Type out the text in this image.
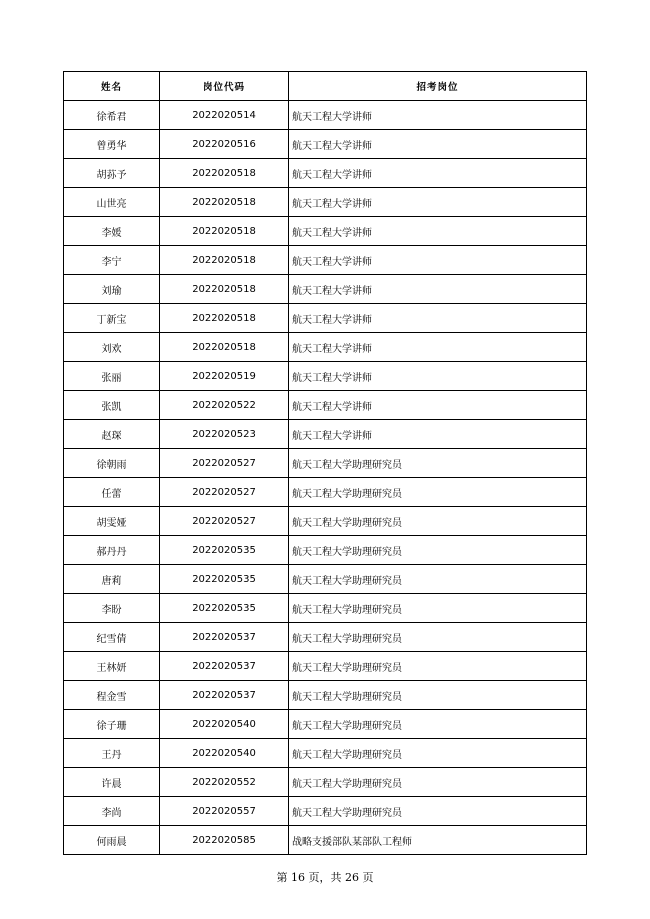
姓名	岗位代码	招考岗位
徐希君	2022020514	航天工程大学讲师
曾勇华	2022020516	航天工程大学讲师
胡荪予	2022020518	航天工程大学讲师
山世亮	2022020518	航天工程大学讲师
李媛	2022020518	航天工程大学讲师
李宁	2022020518	航天工程大学讲师
刘瑜	2022020518	航天工程大学讲师
丁新宝	2022020518	航天工程大学讲师
刘欢	2022020518	航天工程大学讲师
张丽	2022020519	航天工程大学讲师
张凯	2022020522	航天工程大学讲师
赵琛	2022020523	航天工程大学讲师
徐朝雨	2022020527	航天工程大学助理研究员
任蕾	2022020527	航天工程大学助理研究员
胡雯娅	2022020527	航天工程大学助理研究员
郝丹丹	2022020535	航天工程大学助理研究员
唐莉	2022020535	航天工程大学助理研究员
李盼	2022020535	航天工程大学助理研究员
纪雪倩	2022020537	航天工程大学助理研究员
王林妍	2022020537	航天工程大学助理研究员
程金雪	2022020537	航天工程大学助理研究员
徐子珊	2022020540	航天工程大学助理研究员
王丹	2022020540	航天工程大学助理研究员
许晨	2022020552	航天工程大学助理研究员
李尚	2022020557	航天工程大学助理研究员
何雨晨	2022020585	战略支援部队某部队工程师
第 16 页，共 26 页
